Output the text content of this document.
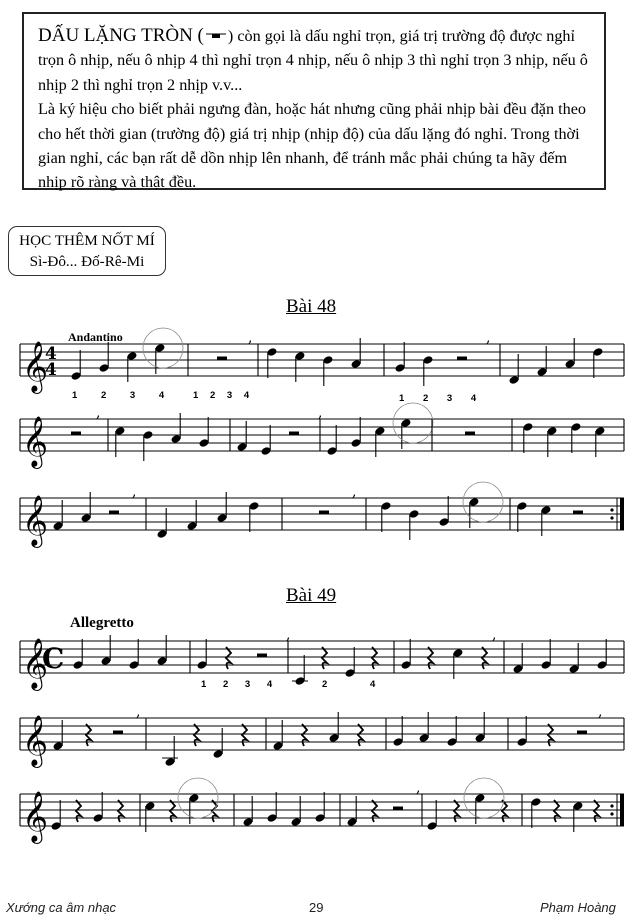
DẤU LẶNG TRÒN ( ) còn gọi là dấu nghỉ trọn, giá trị trường độ được nghỉ trọn ô nhịp, nếu ô nhịp 4 thì nghỉ trọn 4 nhịp, nếu ô nhịp 3 thì nghỉ trọn 3 nhịp, nếu ô nhịp 2 thì nghỉ trọn 2 nhịp v.v...

Là ký hiệu cho biết phải ngưng đàn, hoặc hát nhưng cũng phải nhịp bài đều đặn theo cho hết thời gian (trường độ) giá trị nhịp (nhịp độ) của dấu lặng đó nghỉ. Trong thời gian nghỉ, các bạn rất dễ dồn nhịp lên nhanh, để tránh mắc phải chúng ta hãy đếm nhịp rõ ràng và thật đều.

HỌC THÊM NỐT MÍ
Sì-Đô... Đố-Rê-Mi
Bài 48
Bài 49
Andantino
Allegretto
1 2 3 4	1 2 3 4	1 2 3 4
1 2 3 4	2	4
𝄞
4
4
,	,
𝄞
,	,
𝄞
,	,
𝄞
C
,	,
𝄞
,	,
𝄞
,
Xướng ca âm nhạc	29	Phạm Hoàng
